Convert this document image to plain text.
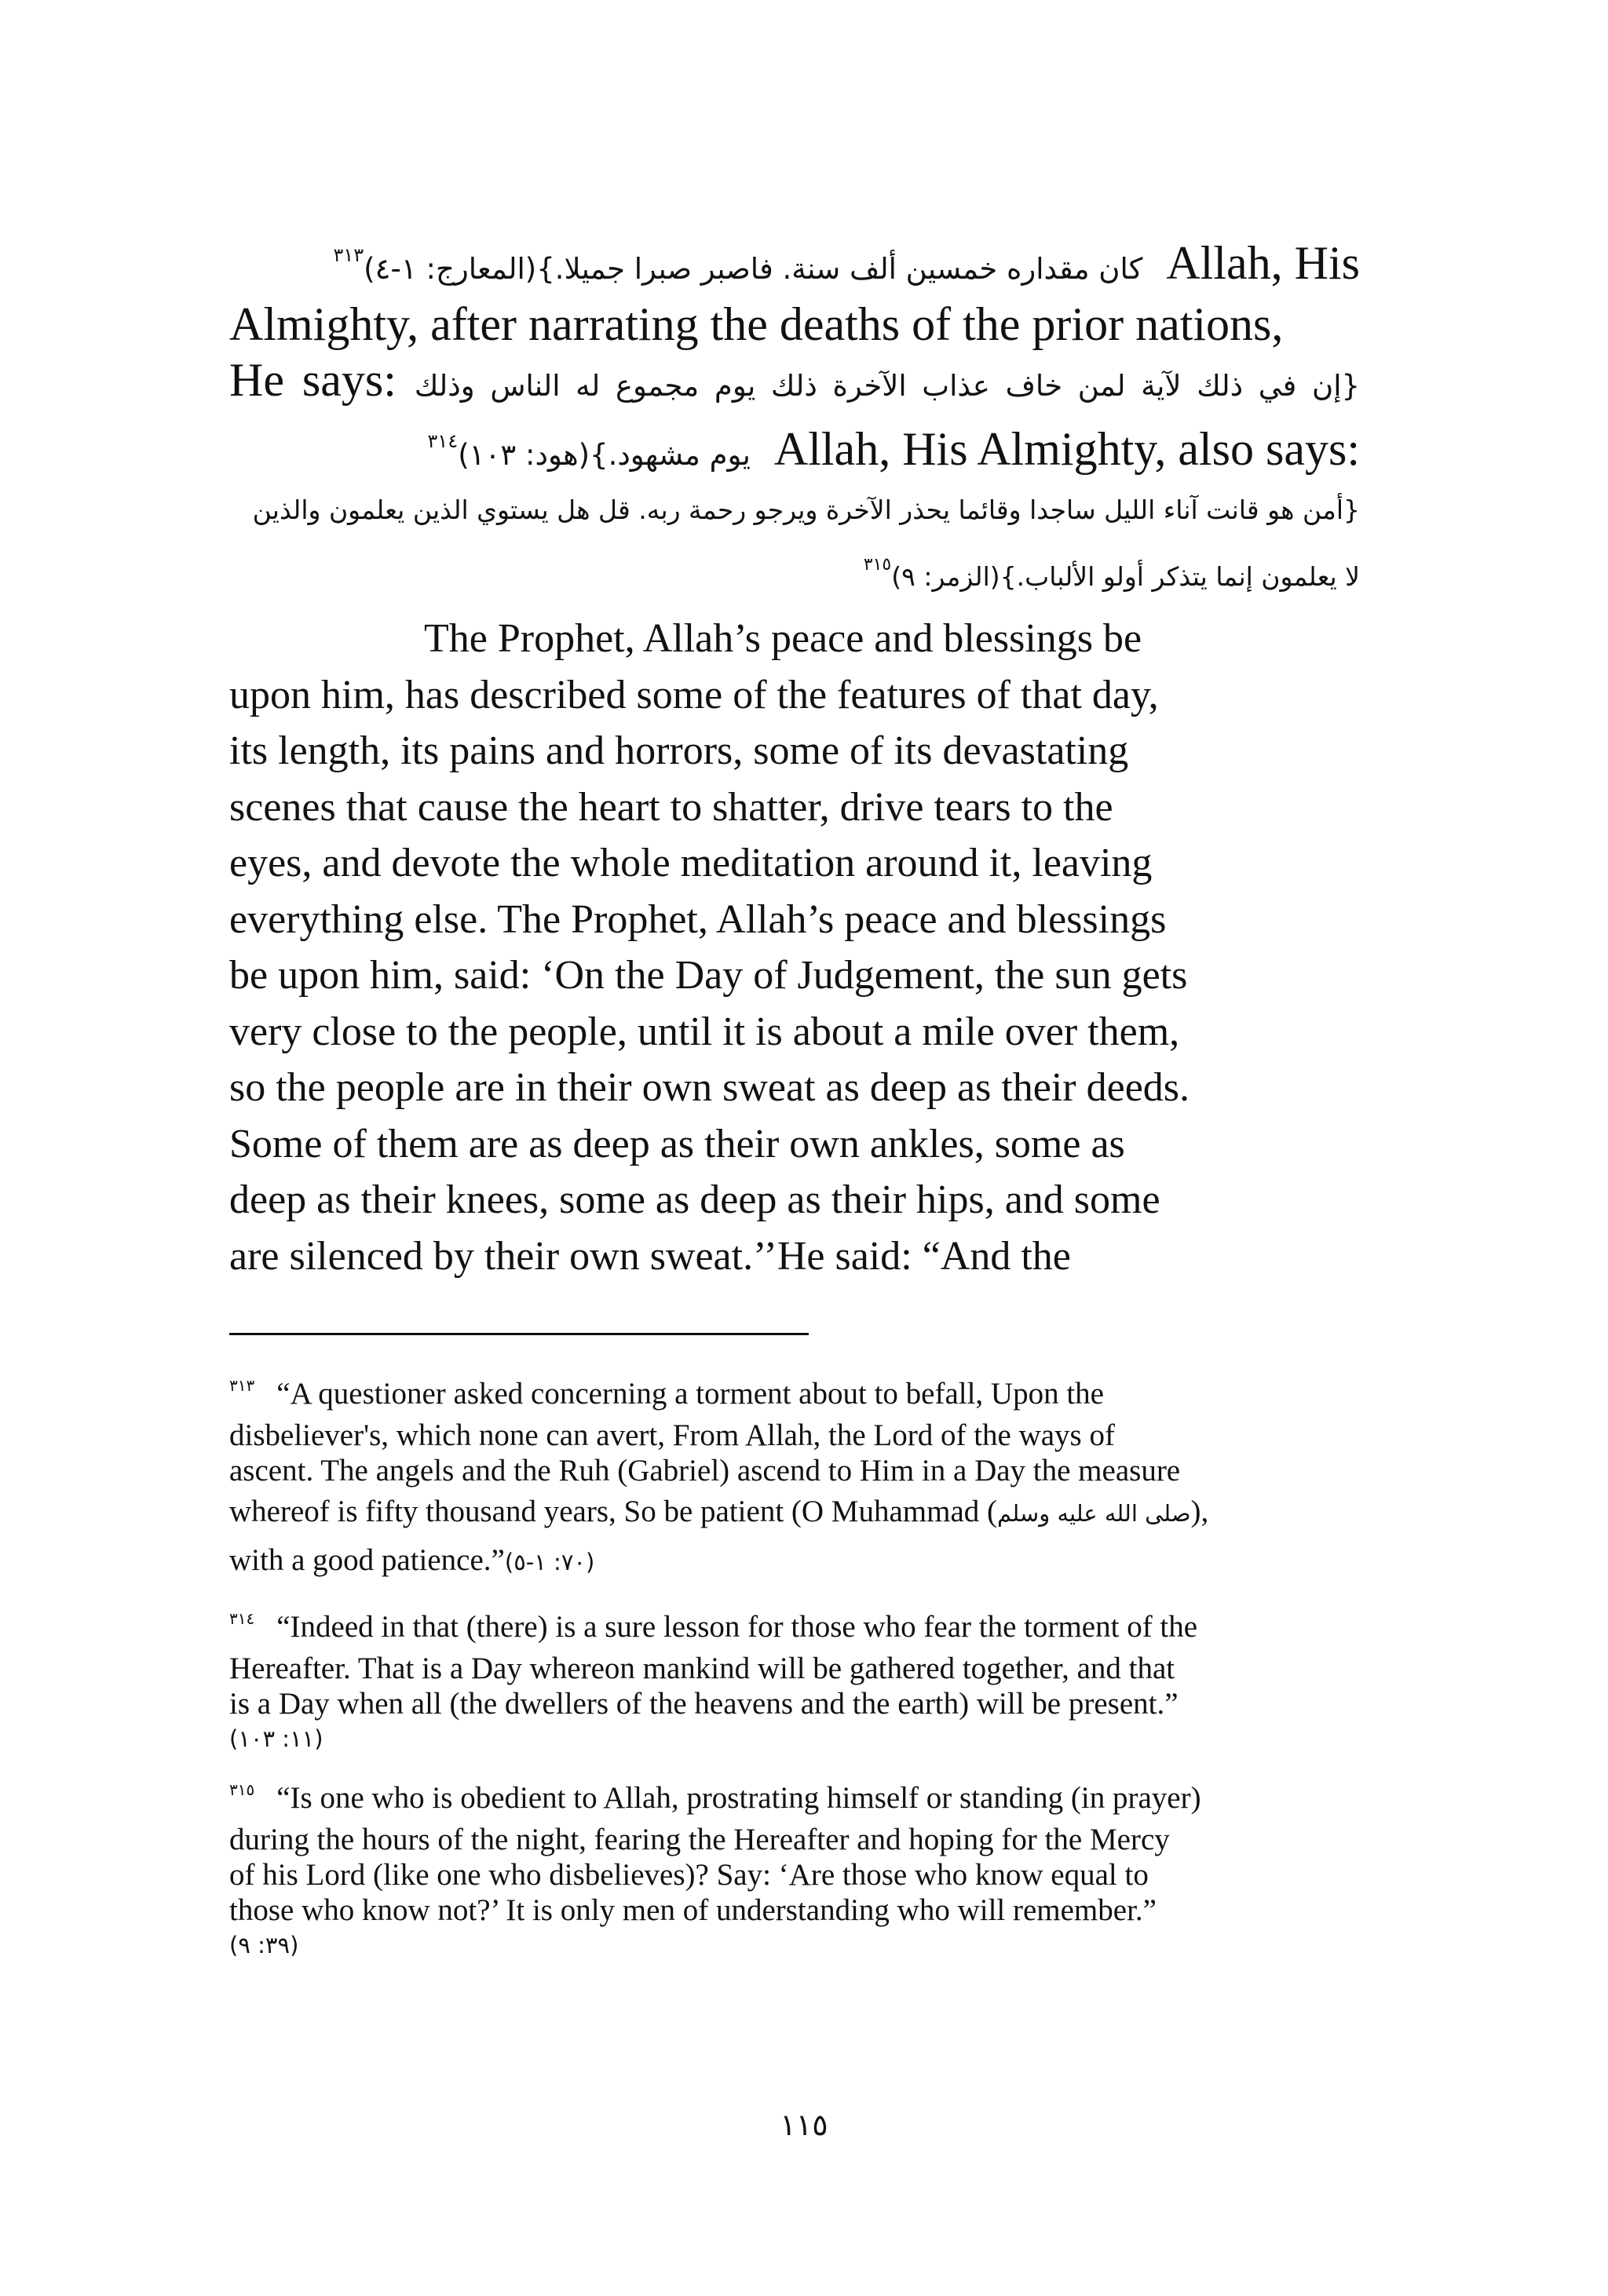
$^{٣١٣}$كان مقداره خمسين ألف سنة. فاصبر صبرا جميلا.}(المعارج: ١-٤) Allah, His
Almighty, after narrating the deaths of the prior nations,
He says: {إن في ذلك لآية لمن خاف عذاب الآخرة ذلك يوم مجموع له الناس وذلك
$^{٣١٤}$يوم مشهود.}(هود: ١٠٣) Allah, His Almighty, also says:
{أمن هو قانت آناء الليل ساجدا وقائما يحذر الآخرة ويرجو رحمة ربه. قل هل يستوي الذين يعلمون والذين
لا يعلمون إنما يتذكر أولو الألباب.}(الزمر: ٩)$^{٣١٥}$
The Prophet, Allah’s peace and blessings be
upon him, has described some of the features of that day,
its length, its pains and horrors, some of its devastating
scenes that cause the heart to shatter, drive tears to the
eyes, and devote the whole meditation around it, leaving
everything else. The Prophet, Allah’s peace and blessings
be upon him, said: ‘On the Day of Judgement, the sun gets
very close to the people, until it is about a mile over them,
so the people are in their own sweat as deep as their deeds.
Some of them are as deep as their own ankles, some as
deep as their knees, some as deep as their hips, and some
are silenced by their own sweat.’’He said: “And the
$^{٣١٣}$ “A questioner asked concerning a torment about to befall, Upon the
disbeliever's, which none can avert, From Allah, the Lord of the ways of
ascent. The angels and the Ruh (Gabriel) ascend to Him in a Day the measure
whereof is fifty thousand years, So be patient (O Muhammad (صلى الله عليه وسلم),
with a good patience.”(٧٠: ١-٥)
$^{٣١٤}$ “Indeed in that (there) is a sure lesson for those who fear the torment of the
Hereafter. That is a Day whereon mankind will be gathered together, and that
is a Day when all (the dwellers of the heavens and the earth) will be present.”
(١١: ١٠٣)
$^{٣١٥}$ “Is one who is obedient to Allah, prostrating himself or standing (in prayer)
during the hours of the night, fearing the Hereafter and hoping for the Mercy
of his Lord (like one who disbelieves)? Say: ‘Are those who know equal to
those who know not?’ It is only men of understanding who will remember.”
(٣٩: ٩)
١١٥
